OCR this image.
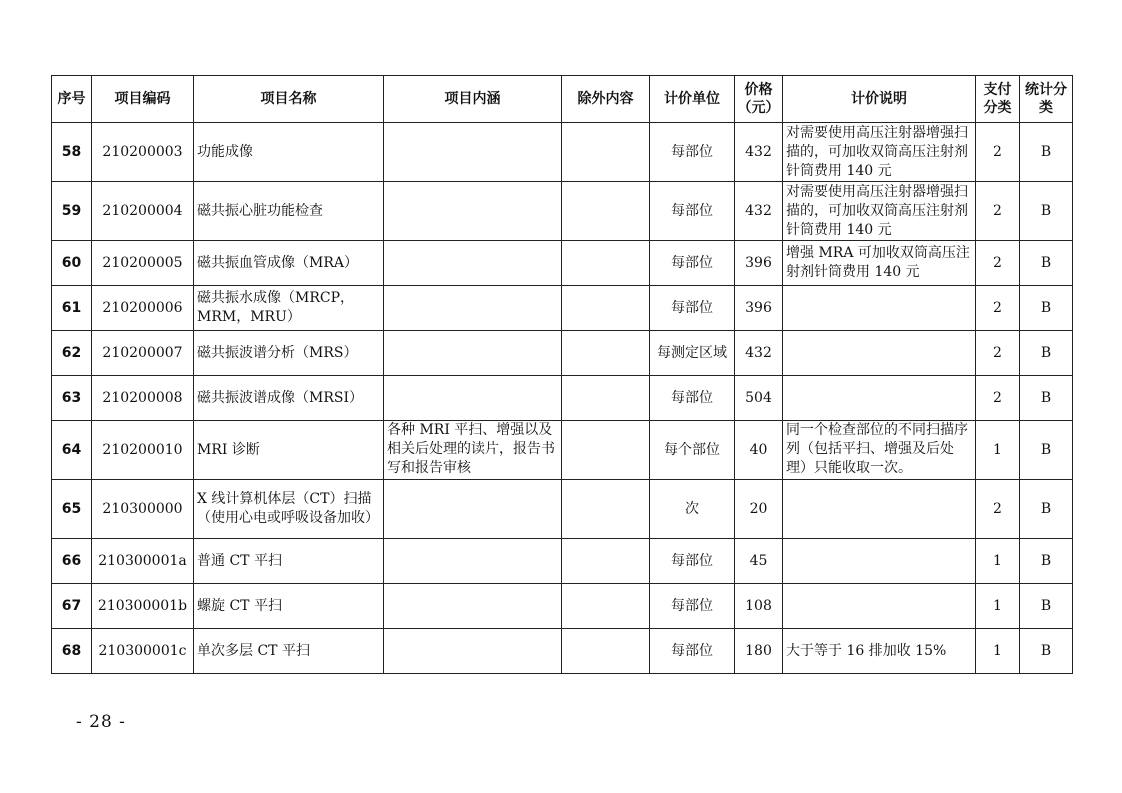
序号	项目编码	项目名称	项目内涵	除外内容	计价单位	价格（元）	计价说明	支付分类	统计分类
58	210200003	功能成像			每部位	432	对需要使用高压注射器增强扫描的，可加收双筒高压注射剂针筒费用 140 元	2	B
59	210200004	磁共振心脏功能检查			每部位	432	对需要使用高压注射器增强扫描的，可加收双筒高压注射剂针筒费用 140 元	2	B
60	210200005	磁共振血管成像（MRA）			每部位	396	增强 MRA 可加收双筒高压注射剂针筒费用 140 元	2	B
61	210200006	磁共振水成像（MRCP，MRM，MRU）			每部位	396		2	B
62	210200007	磁共振波谱分析（MRS）			每测定区域	432		2	B
63	210200008	磁共振波谱成像（MRSI）			每部位	504		2	B
64	210200010	MRI 诊断	各种 MRI 平扫、增强以及相关后处理的读片，报告书写和报告审核		每个部位	40	同一个检查部位的不同扫描序列（包括平扫、增强及后处理）只能收取一次。	1	B
65	210300000	X 线计算机体层（CT）扫描（使用心电或呼吸设备加收）			次	20		2	B
66	210300001a	普通 CT 平扫			每部位	45		1	B
67	210300001b	螺旋 CT 平扫			每部位	108		1	B
68	210300001c	单次多层 CT 平扫			每部位	180	大于等于 16 排加收 15%	1	B
- 28 -
